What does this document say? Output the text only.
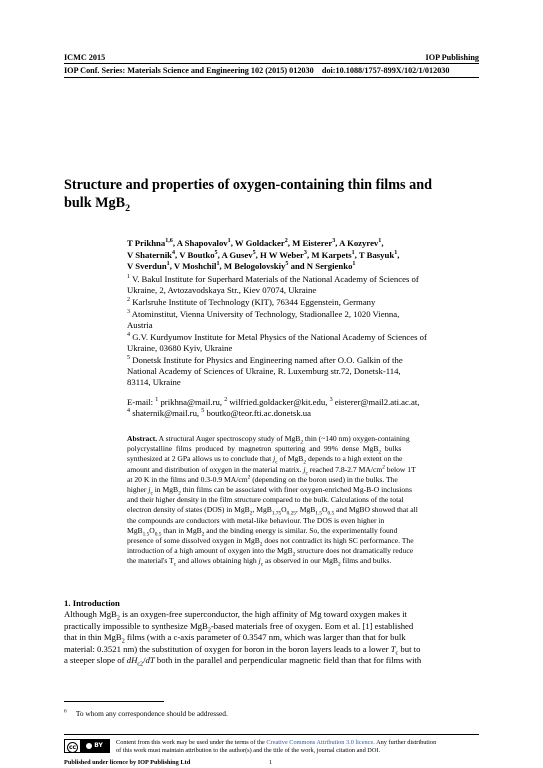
ICMC 2015	IOP Publishing
IOP Conf. Series: Materials Science and Engineering 102 (2015) 012030    doi:10.1088/1757-899X/102/1/012030
Structure and properties of oxygen-containing thin films and
bulk MgB$_2$
T Prikhna$^{1,6}$, A Shapovalov$^1$, W Goldacker$^2$, M Eisterer$^3$, A Kozyrev$^1$,
V Shaternik$^4$, V Boutko$^5$, A Gusev$^5$, H W Weber$^3$, M Karpets$^1$, T Basyuk$^1$,
V Sverdun$^1$, V Moshchil$^1$, M Belogolovskiy$^5$ and N Sergienko$^1$
$^1$ V. Bakul Institute for Superhard Materials of the National Academy of Sciences of
Ukraine, 2, Avtozavodskaya Str., Kiev 07074, Ukraine
$^2$ Karlsruhe Institute of Technology (KIT), 76344 Eggenstein, Germany
$^3$ Atominstitut, Vienna University of Technology, Stadionallee 2, 1020 Vienna,
Austria
$^4$ G.V. Kurdyumov Institute for Metal Physics of the National Academy of Sciences of
Ukraine, 03680 Kyiv, Ukraine
$^5$ Donetsk Institute for Physics and Engineering named after O.O. Galkin of the
National Academy of Sciences of Ukraine, R. Luxemburg str.72, Donetsk-114,
83114, Ukraine
E-mail: $^1$ prikhna@mail.ru, $^2$ wilfried.goldacker@kit.edu, $^3$ eisterer@mail2.ati.ac.at,
$^4$ shaternik@mail.ru, $^5$ boutko@teor.fti.ac.donetsk.ua
Abstract. A structural Auger spectroscopy study of MgB$_2$ thin (~140 nm) oxygen-containing
polycrystalline  films  produced  by  magnetron  sputtering  and  99%  dense  MgB$_2$  bulks
synthesized at 2 GPa allows us to conclude that $j_c$ of MgB$_2$ depends to a high extent on the
amount and distribution of oxygen in the material matrix. $j_c$ reached 7.8-2.7 $MA/cm^2$ below 1T
at 20 K in the films and 0.3-0.9 $MA/cm^2$ (depending on the boron used) in the bulks. The
higher $j_c$ in MgB$_2$ thin films can be associated with finer oxygen-enriched Mg-B-O inclusions
and their higher density in the film structure compared to the bulk. Calculations of the total
electron density of states (DOS) in MgB$_2$, $MgB_{1.75}O_{0.25}$, $MgB_{1.5}O_{0.5}$ and MgBO showed that all
the compounds are conductors with metal-like behaviour. The DOS is even higher in
$MgB_{1.5}O_{0.5}$ than in MgB$_2$ and the binding energy is similar. So, the experimentally found
presence of some dissolved oxygen in MgB$_2$ does not contradict its high SC performance. The
introduction of a high amount of oxygen into the MgB$_2$ structure does not dramatically reduce
the material's $T_c$ and allows obtaining high $j_c$ as observed in our MgB$_2$ films and bulks.
1. Introduction
Although MgB$_2$ is an oxygen-free superconductor, the high affinity of Mg toward oxygen makes it
practically impossible to synthesize MgB$_2$-based materials free of oxygen. Eom et al. [1] established
that in thin MgB$_2$ films (with a c-axis parameter of 0.3547 nm, which was larger than that for bulk
material: 0.3521 nm) the substitution of oxygen for boron in the boron layers leads to a lower $T_c$ but to
a steeper slope of $dH_{c2}/dT$ both in the parallel and perpendicular magnetic field than that for films with
$^6$ To whom any correspondence should be addressed.
cc	BY	Content from this work may be used under the terms of the Creative Commons Attribution 3.0 licence. Any further distribution
of this work must maintain attribution to the author(s) and the title of the work, journal citation and DOI.
Published under licence by IOP Publishing Ltd	1
